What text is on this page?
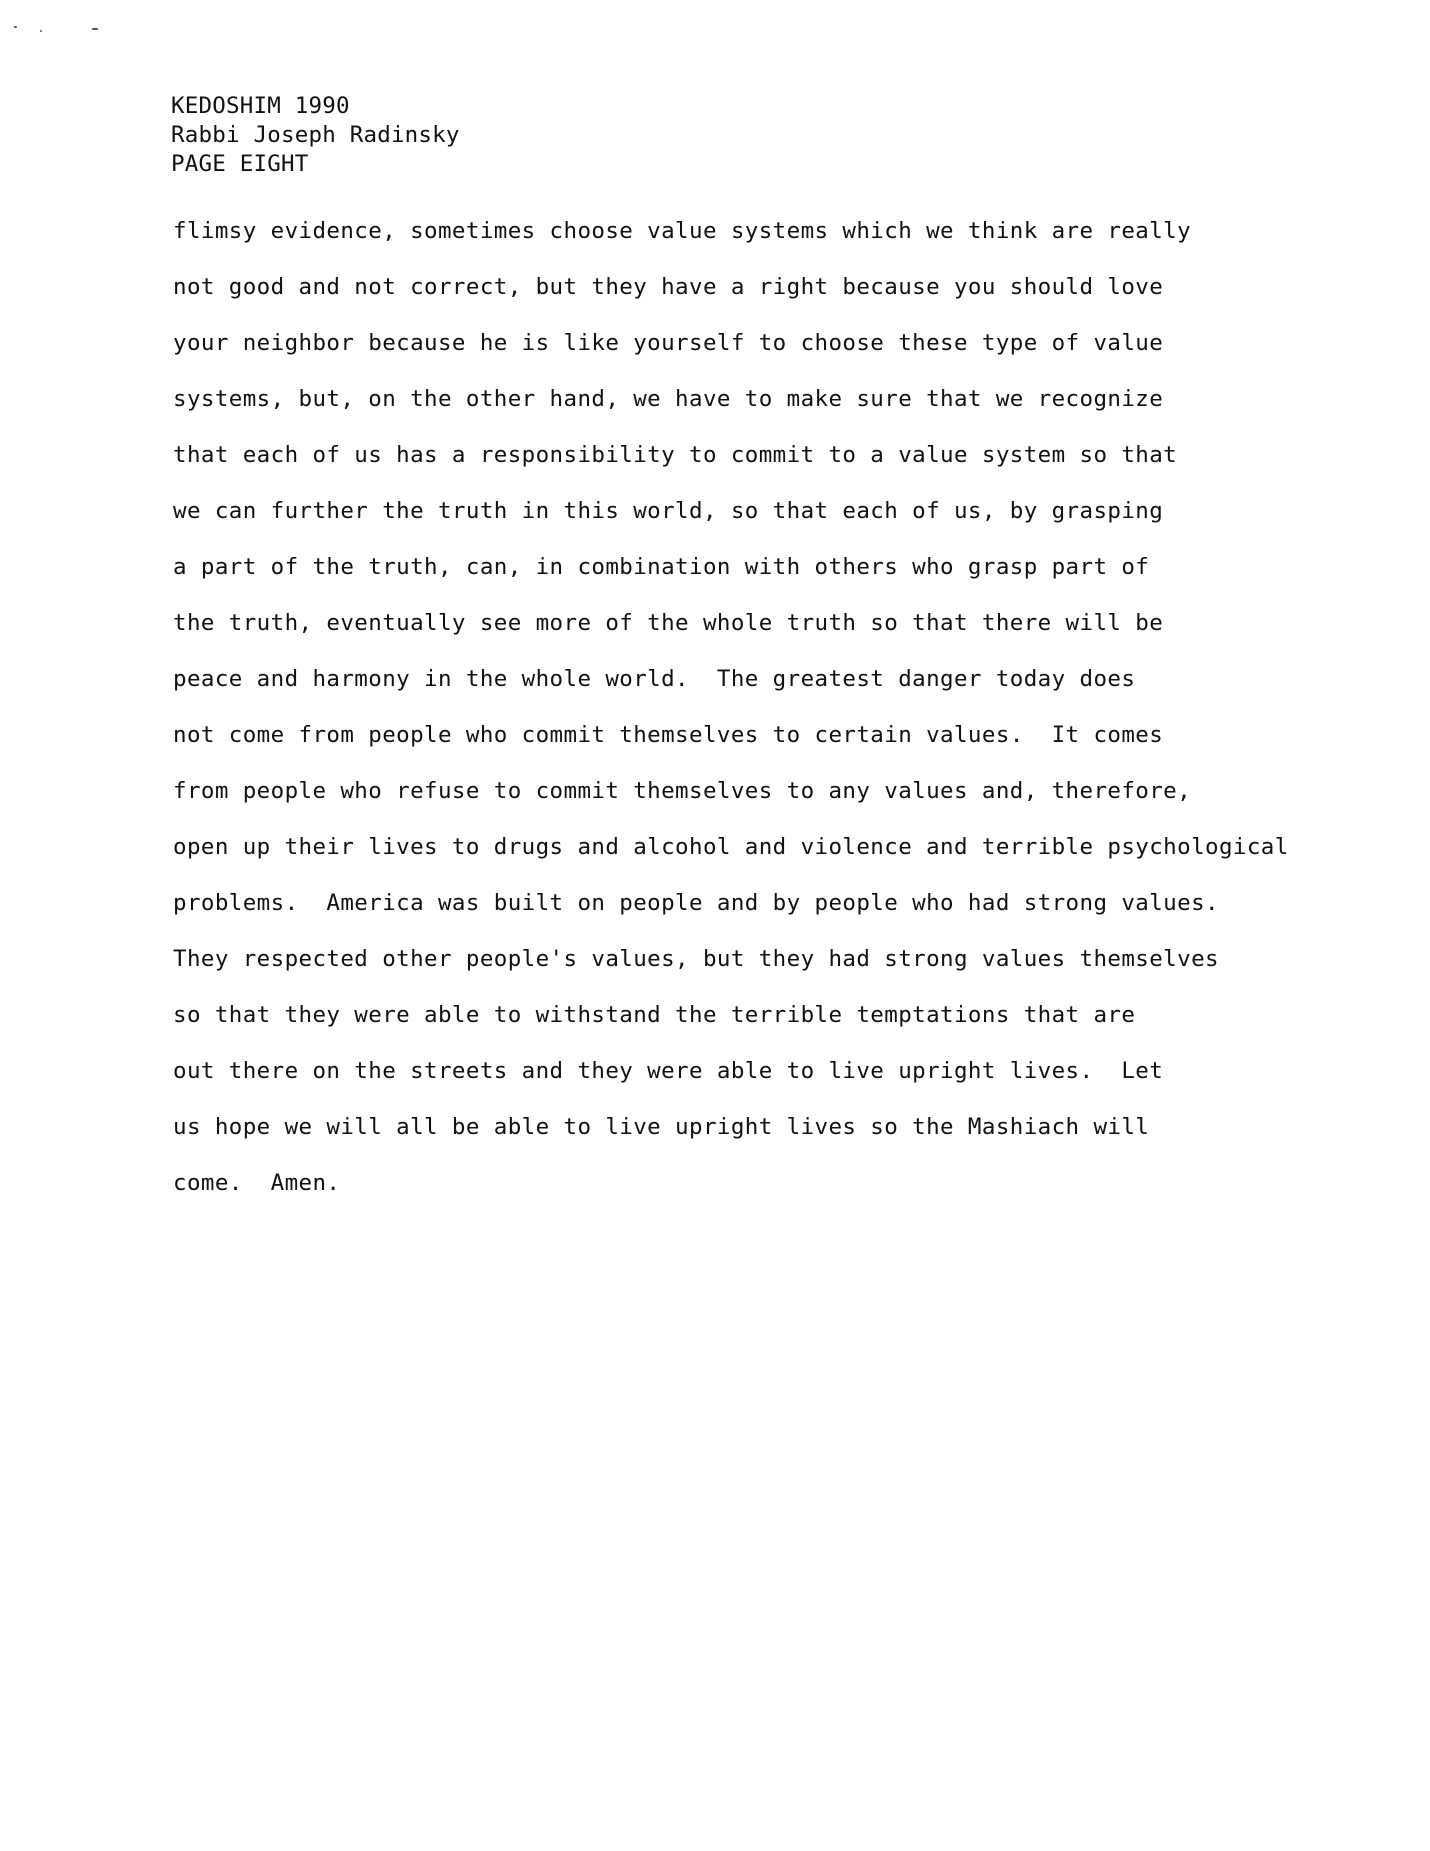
KEDOSHIM 1990
Rabbi Joseph Radinsky
PAGE EIGHT
flimsy evidence, sometimes choose value systems which we think are really
not good and not correct, but they have a right because you should love
your neighbor because he is like yourself to choose these type of value
systems, but, on the other hand, we have to make sure that we recognize
that each of us has a responsibility to commit to a value system so that
we can further the truth in this world, so that each of us, by grasping
a part of the truth, can, in combination with others who grasp part of
the truth, eventually see more of the whole truth so that there will be
peace and harmony in the whole world.  The greatest danger today does
not come from people who commit themselves to certain values.  It comes
from people who refuse to commit themselves to any values and, therefore,
open up their lives to drugs and alcohol and violence and terrible psychological
problems.  America was built on people and by people who had strong values.
They respected other people's values, but they had strong values themselves
so that they were able to withstand the terrible temptations that are
out there on the streets and they were able to live upright lives.  Let
us hope we will all be able to live upright lives so the Mashiach will
come.  Amen.
